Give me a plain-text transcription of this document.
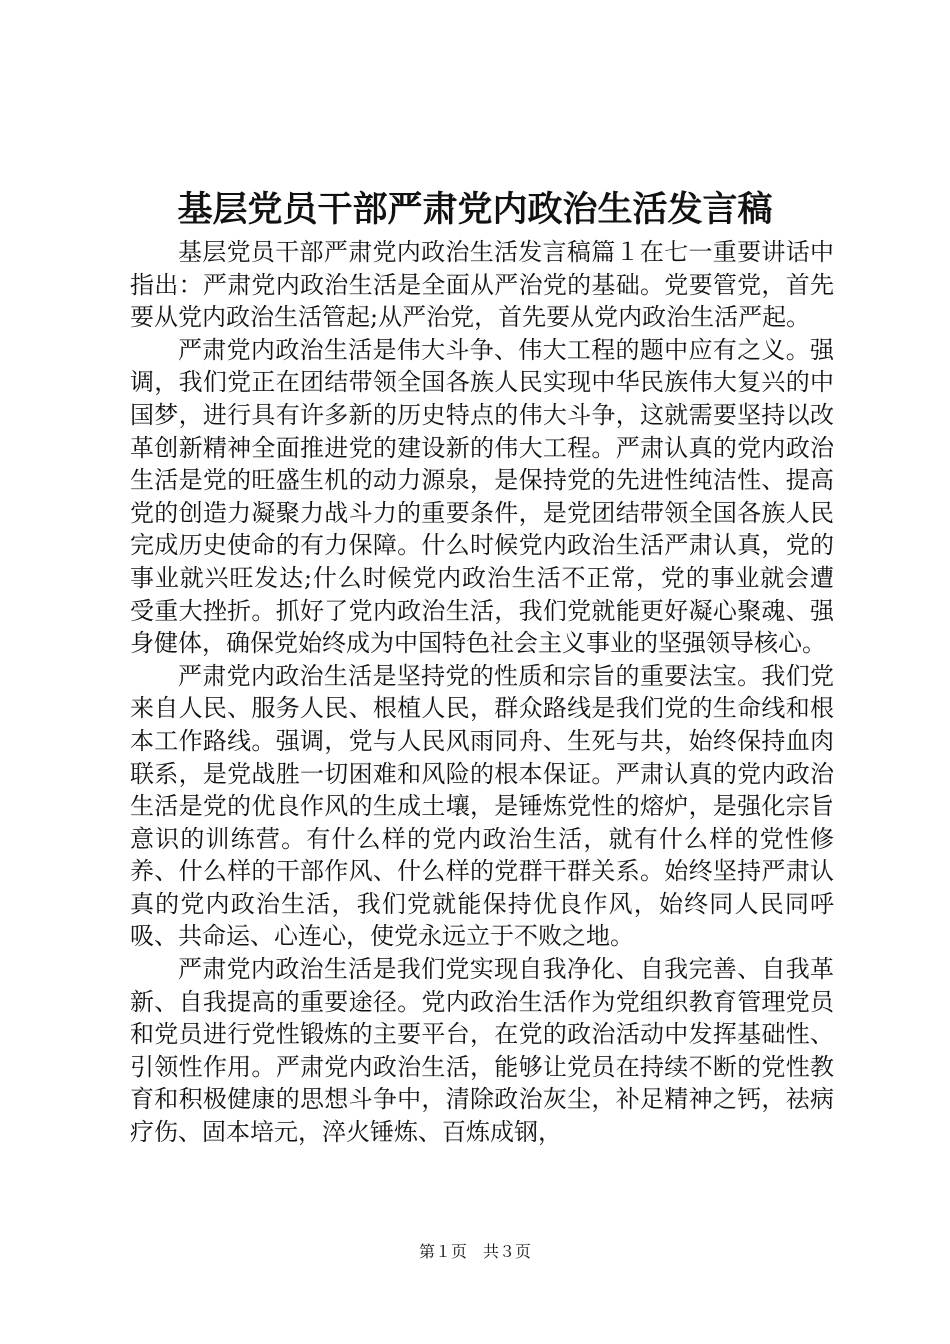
基层党员干部严肃党内政治生活发言稿

基层党员干部严肃党内政治生活发言稿篇１在七一重要讲话中指出：严肃党内政治生活是全面从严治党的基础。党要管党，首先要从党内政治生活管起;从严治党，首先要从党内政治生活严起。

严肃党内政治生活是伟大斗争、伟大工程的题中应有之义。强调，我们党正在团结带领全国各族人民实现中华民族伟大复兴的中国梦，进行具有许多新的历史特点的伟大斗争，这就需要坚持以改革创新精神全面推进党的建设新的伟大工程。严肃认真的党内政治生活是党的旺盛生机的动力源泉，是保持党的先进性纯洁性、提高党的创造力凝聚力战斗力的重要条件，是党团结带领全国各族人民完成历史使命的有力保障。什么时候党内政治生活严肃认真，党的事业就兴旺发达;什么时候党内政治生活不正常，党的事业就会遭受重大挫折。抓好了党内政治生活，我们党就能更好凝心聚魂、强身健体，确保党始终成为中国特色社会主义事业的坚强领导核心。

严肃党内政治生活是坚持党的性质和宗旨的重要法宝。我们党来自人民、服务人民、根植人民，群众路线是我们党的生命线和根本工作路线。强调，党与人民风雨同舟、生死与共，始终保持血肉联系，是党战胜一切困难和风险的根本保证。严肃认真的党内政治生活是党的优良作风的生成土壤，是锤炼党性的熔炉，是强化宗旨意识的训练营。有什么样的党内政治生活，就有什么样的党性修养、什么样的干部作风、什么样的党群干群关系。始终坚持严肃认真的党内政治生活，我们党就能保持优良作风，始终同人民同呼吸、共命运、心连心，使党永远立于不败之地。

严肃党内政治生活是我们党实现自我净化、自我完善、自我革新、自我提高的重要途径。党内政治生活作为党组织教育管理党员和党员进行党性锻炼的主要平台，在党的政治活动中发挥基础性、引领性作用。严肃党内政治生活，能够让党员在持续不断的党性教育和积极健康的思想斗争中，清除政治灰尘，补足精神之钙，祛病疗伤、固本培元，淬火锤炼、百炼成钢，

第１页　共３页
